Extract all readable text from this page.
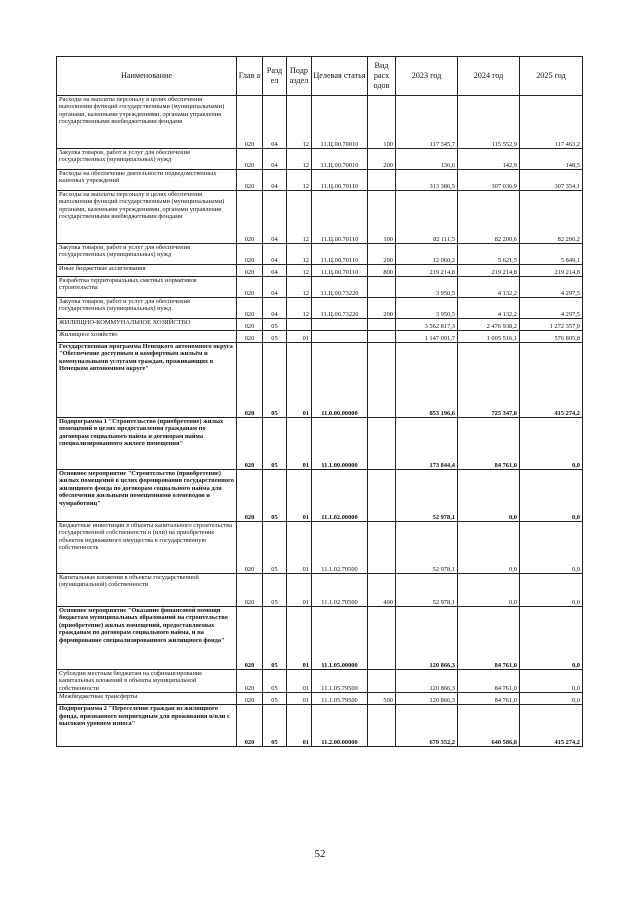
Наименование	Глав а	Разд ел	Подр аздел	Целевая статья	Вид расх одов	2023 год	2024 год	2025 год
Расходы на выплаты персоналу в целях обеспечения выполнения функций государственными (муниципальными) органами, казенными учреждениями, органами управления государственными внебюджетными фондами	020	04	12	11.Ц.00.70010	100	117 345,7	115 552,9	117 463,2
Закупка товаров, работ и услуг для обеспечения государственных (муниципальных) нужд	020	04	12	11.Ц.00.70010	200	136,6	142,9	148,5
Расходы на обеспечение деятельности подведомственных казенных учреждений	020	04	12	11.Ц.00.70110		313 386,5	307 036,9	307 354,1
Расходы на выплаты персоналу в целях обеспечения выполнения функций государственными (муниципальными) органами, казенными учреждениями, органами управления государственными внебюджетными фондами	020	04	12	11.Ц.00.70110	100	82 111,5	82 200,6	82 290,2
Закупка товаров, работ и услуг для обеспечения государственных (муниципальных) нужд	020	04	12	11.Ц.00.70110	200	12 060,2	5 621,5	5 849,1
Иные бюджетные ассигнования	020	04	12	11.Ц.00.70110	800	219 214,8	219 214,8	219 214,8
Разработка территориальных сметных нормативов строительства	020	04	12	11.Ц.00.73220		3 950,5	4 132,2	4 297,5
Закупка товаров, работ и услуг для обеспечения государственных (муниципальных) нужд	020	04	12	11.Ц.00.73220	200	3 950,5	4 132,2	4 297,5
ЖИЛИЩНО-КОММУНАЛЬНОЕ ХОЗЯЙСТВО	020	05				3 562 817,3	2 476 938,2	1 272 357,9
Жилищное хозяйство	020	05	01			1 147 091,7	1 005 516,1	576 805,8
Государственная программа Ненецкого автономного округа "Обеспечение доступным и комфортным жильём и коммунальными услугами граждан, проживающих в Ненецком автономном округе"	020	05	01	11.0.00.00000		853 196,6	725 347,8	415 274,2
Подпрограмма 1 "Строительство (приобретение) жилых помещений в целях предоставления гражданам по договорам социального найма и договорам найма специализированного жилого помещения"	020	05	01	11.1.00.00000		173 844,4	84 761,0	0,0
Основное мероприятие "Строительство (приобретение) жилых помещений в целях формирования государственного жилищного фонда по договорам социального найма для обеспечения жильными помещениями оленеводов и чумработниц"	020	05	01	11.1.02.00000		52 978,1	0,0	0,0
Бюджетные инвестиции в объекты капитального строительства государственной собственности и (или) на приобретение объектов недвижимого имущества в государственную собственность	020	05	01	11.1.02.70500		52 978,1	0,0	0,0
Капитальные вложения в объекты государственной (муниципальной) собственности	020	05	01	11.1.02.70500	400	52 978,1	0,0	0,0
Основное мероприятие "Оказание финансовой помощи бюджетам муниципальных образований на строительство (приобретение) жилых помещений, предоставляемых гражданам по договорам социального найма, и на формирование специализированного жилищного фонда"	020	05	01	11.1.05.00000		120 866,3	84 761,0	0,0
Субсидии местным бюджетам на софинансирование капитальных вложений в объекты муниципальной собственности	020	05	01	11.1.05.79500		120 866,3	84 761,0	0,0
Межбюджетные трансферты	020	05	01	11.1.05.79500	500	120 866,3	84 761,0	0,0
Подпрограмма 2 "Переселение граждан из жилищного фонда, признанного непригодным для проживания и/или с высоким уровнем износа"	020	05	01	11.2.00.00000		679 352,2	640 586,8	415 274,2
52
